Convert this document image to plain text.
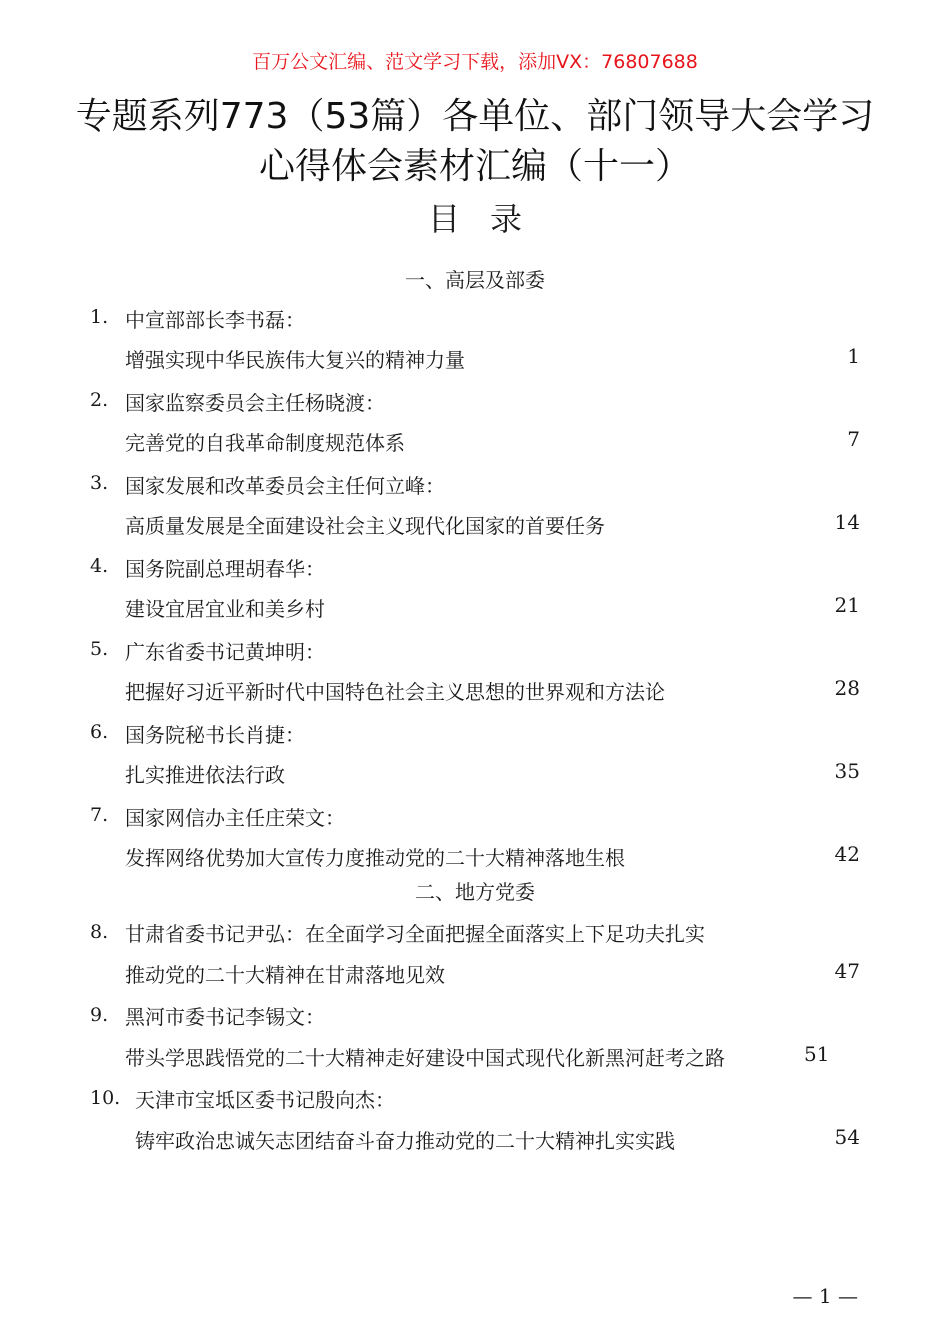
百万公文汇编、范文学习下载，添加VX：76807688
专题系列773（53篇）各单位、部门领导大会学习
心得体会素材汇编（十一）
目录
一、高层及部委
1. 中宣部部长李书磊：
增强实现中华民族伟大复兴的精神力量	1
2. 国家监察委员会主任杨晓渡：
完善党的自我革命制度规范体系	7
3. 国家发展和改革委员会主任何立峰：
高质量发展是全面建设社会主义现代化国家的首要任务	14
4. 国务院副总理胡春华：
建设宜居宜业和美乡村	21
5. 广东省委书记黄坤明：
把握好习近平新时代中国特色社会主义思想的世界观和方法论	28
6. 国务院秘书长肖捷：
扎实推进依法行政	35
7. 国家网信办主任庄荣文：
发挥网络优势加大宣传力度推动党的二十大精神落地生根	42
二、地方党委
8. 甘肃省委书记尹弘：在全面学习全面把握全面落实上下足功夫扎实
推动党的二十大精神在甘肃落地见效	47
9. 黑河市委书记李锡文：
带头学思践悟党的二十大精神走好建设中国式现代化新黑河赶考之路	51
10. 天津市宝坻区委书记殷向杰：
铸牢政治忠诚矢志团结奋斗奋力推动党的二十大精神扎实实践	54
— 1 —
